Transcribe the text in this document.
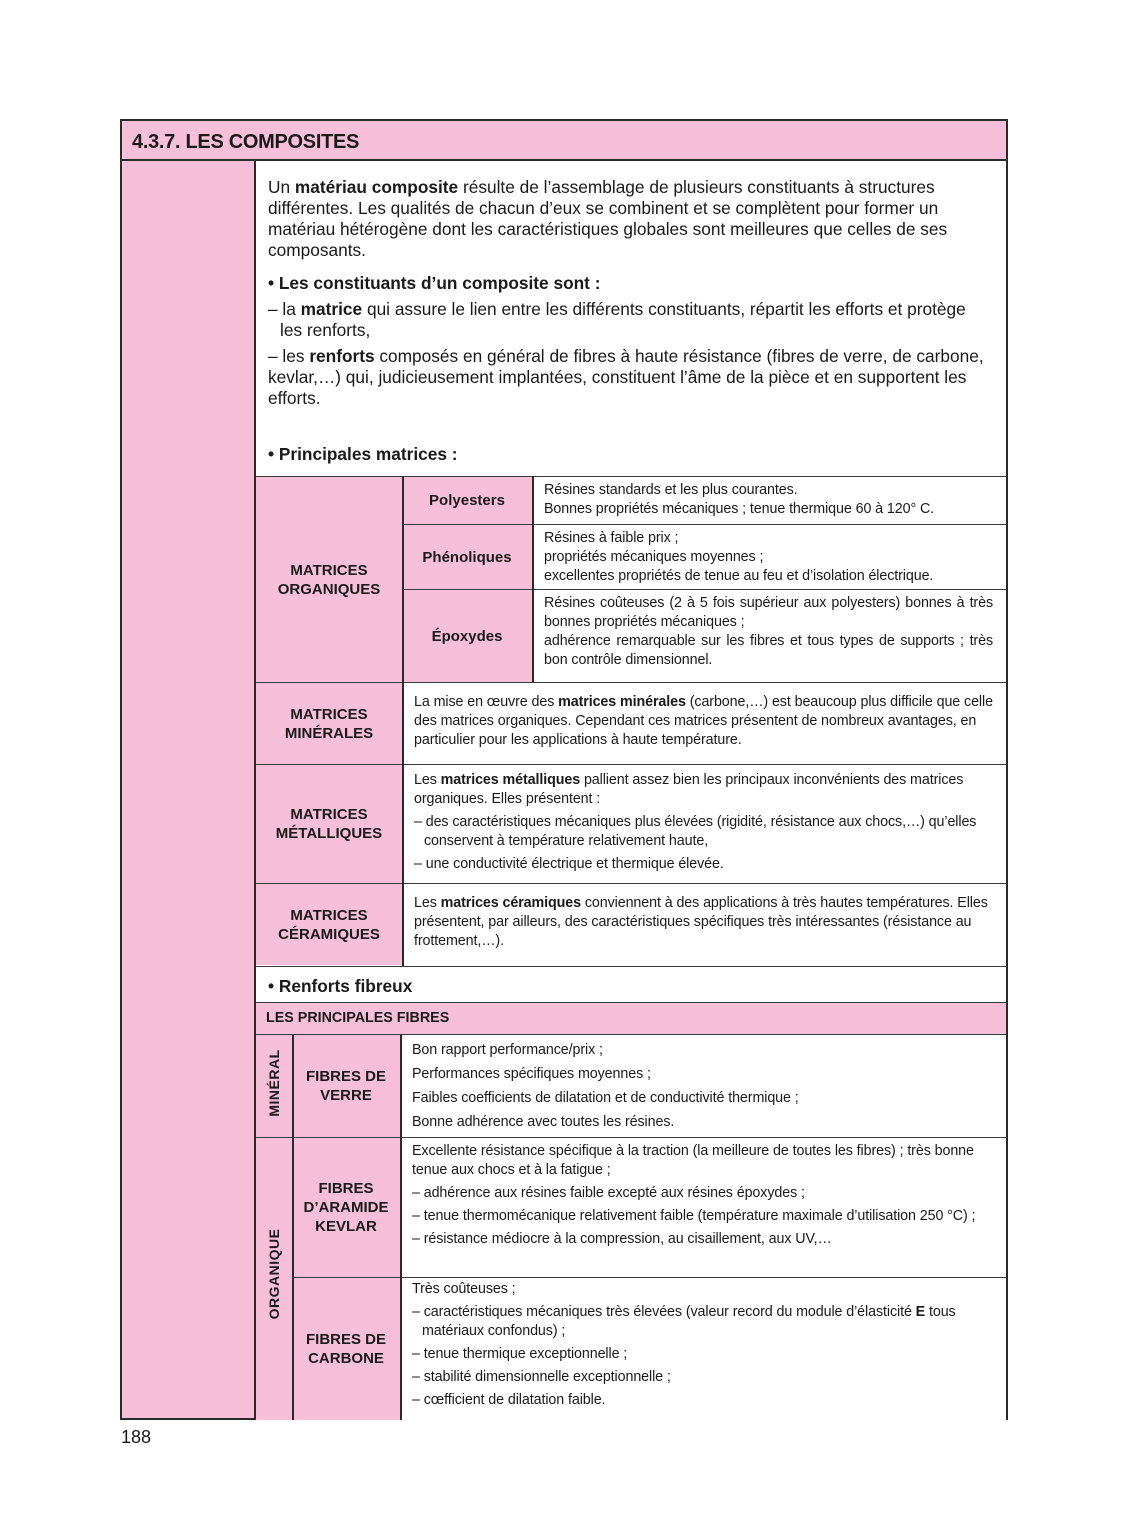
4.3.7. LES COMPOSITES

Un matériau composite résulte de l’assemblage de plusieurs constituants à structures différentes. Les qualités de chacun d’eux se combinent et se complètent pour former un matériau hétérogène dont les caractéristiques globales sont meilleures que celles de ses composants.

• Les constituants d’un composite sont :

– la matrice qui assure le lien entre les différents constituants, répartit les efforts et protège les renforts,

– les renforts composés en général de fibres à haute résistance (fibres de verre, de carbone, kevlar,…) qui, judicieusement implantées, constituent l’âme de la pièce et en supportent les efforts.

• Principales matrices :
MATRICES ORGANIQUES
Polyesters
Résines standards et les plus courantes.
Bonnes propriétés mécaniques ; tenue thermique 60 à 120° C.
Phénoliques
Résines à faible prix ;
propriétés mécaniques moyennes ;
excellentes propriétés de tenue au feu et d’isolation électrique.
Époxydes
Résines coûteuses (2 à 5 fois supérieur aux polyesters) bonnes à très bonnes propriétés mécaniques ;
adhérence remarquable sur les fibres et tous types de supports ; très bon contrôle dimensionnel.
MATRICES MINÉRALES
La mise en œuvre des matrices minérales (carbone,…) est beaucoup plus difficile que celle des matrices organiques. Cependant ces matrices présentent de nombreux avantages, en particulier pour les applications à haute température.
MATRICES MÉTALLIQUES
Les matrices métalliques pallient assez bien les principaux inconvénients des matrices organiques. Elles présentent :
– des caractéristiques mécaniques plus élevées (rigidité, résistance aux chocs,…) qu’elles conservent à température relativement haute,
– une conductivité électrique et thermique élevée.
MATRICES CÉRAMIQUES
Les matrices céramiques conviennent à des applications à très hautes températures. Elles présentent, par ailleurs, des caractéristiques spécifiques très intéressantes (résistance au frottement,…).
• Renforts fibreux
LES PRINCIPALES FIBRES
MINÉRAL	FIBRES DE VERRE
Bon rapport performance/prix ;
Performances spécifiques moyennes ;
Faibles coefficients de dilatation et de conductivité thermique ;
Bonne adhérence avec toutes les résines.
ORGANIQUE
FIBRES D’ARAMIDE KEVLAR
Excellente résistance spécifique à la traction (la meilleure de toutes les fibres) ; très bonne tenue aux chocs et à la fatigue ;
– adhérence aux résines faible excepté aux résines époxydes ;
– tenue thermomécanique relativement faible (température maximale d’utilisation 250 °C) ;
– résistance médiocre à la compression, au cisaillement, aux UV,…
FIBRES DE CARBONE
Très coûteuses ;
– caractéristiques mécaniques très élevées (valeur record du module d’élasticité E tous matériaux confondus) ;
– tenue thermique exceptionnelle ;
– stabilité dimensionnelle exceptionnelle ;
– cœfficient de dilatation faible.
188
